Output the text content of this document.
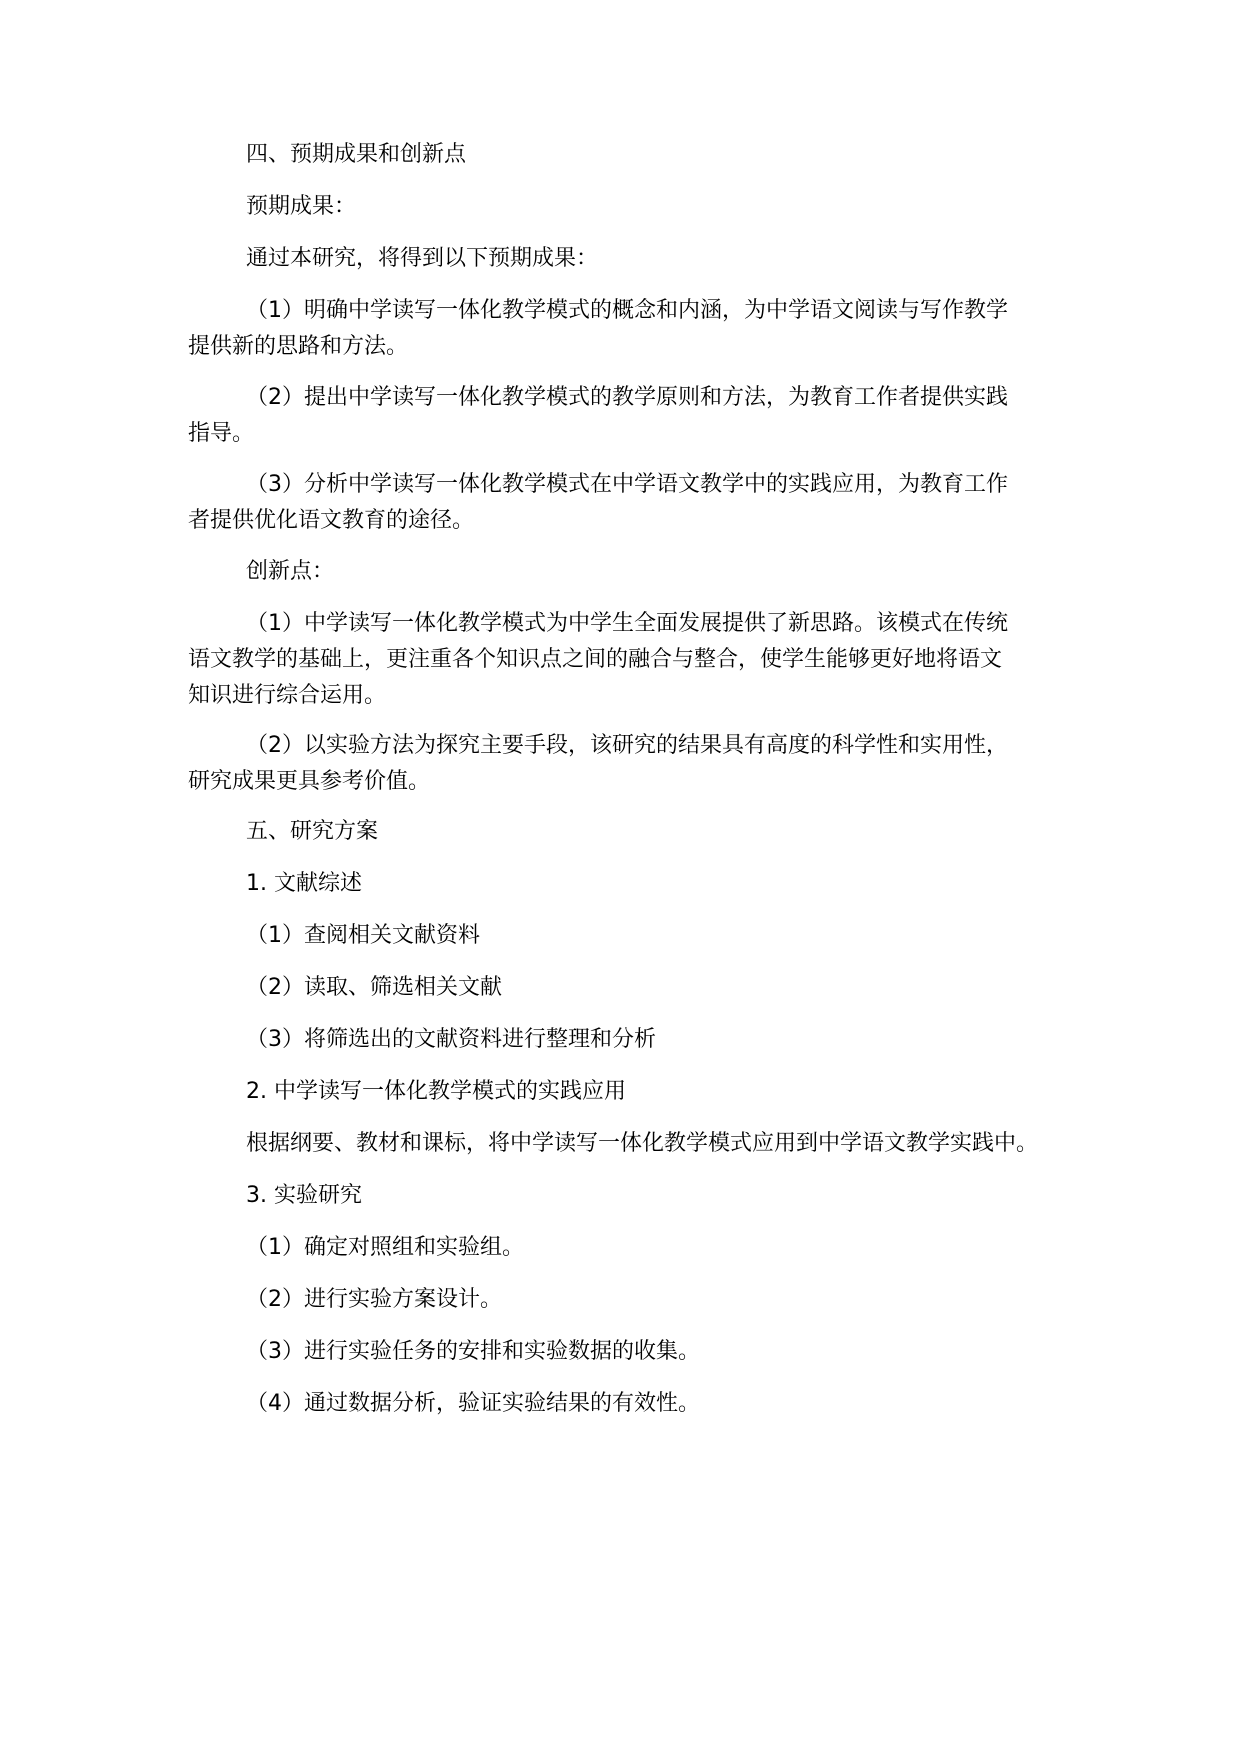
四、预期成果和创新点

预期成果：

通过本研究，将得到以下预期成果：

（1）明确中学读写一体化教学模式的概念和内涵，为中学语文阅读与写作教学
提供新的思路和方法。

（2）提出中学读写一体化教学模式的教学原则和方法，为教育工作者提供实践
指导。

（3）分析中学读写一体化教学模式在中学语文教学中的实践应用，为教育工作
者提供优化语文教育的途径。

创新点：

（1）中学读写一体化教学模式为中学生全面发展提供了新思路。该模式在传统
语文教学的基础上，更注重各个知识点之间的融合与整合，使学生能够更好地将语文
知识进行综合运用。

（2）以实验方法为探究主要手段，该研究的结果具有高度的科学性和实用性，
研究成果更具参考价值。

五、研究方案

1. 文献综述

（1）查阅相关文献资料

（2）读取、筛选相关文献

（3）将筛选出的文献资料进行整理和分析

2. 中学读写一体化教学模式的实践应用

根据纲要、教材和课标，将中学读写一体化教学模式应用到中学语文教学实践中。

3. 实验研究

（1）确定对照组和实验组。

（2）进行实验方案设计。

（3）进行实验任务的安排和实验数据的收集。

（4）通过数据分析，验证实验结果的有效性。
